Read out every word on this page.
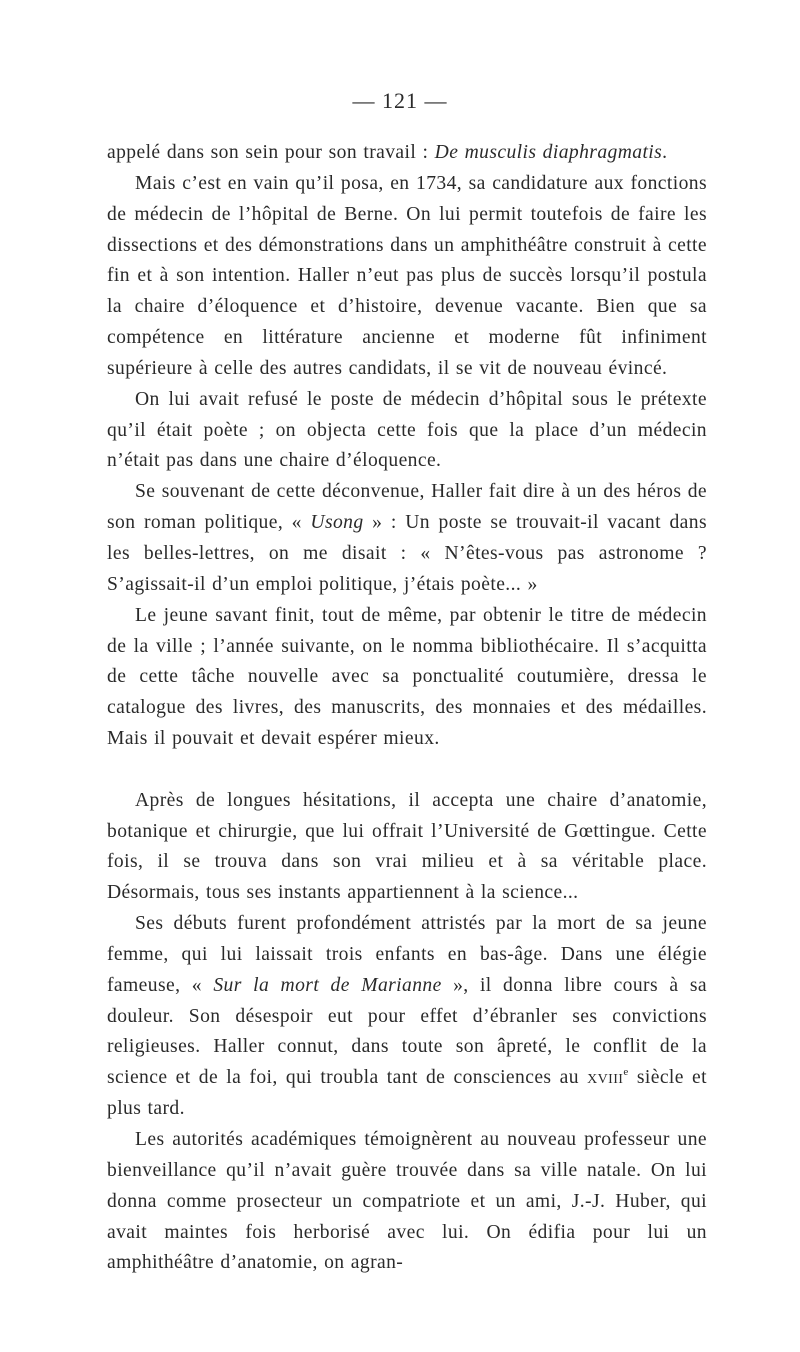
— 121 —

appelé dans son sein pour son travail : De musculis diaphragmatis.

Mais c’est en vain qu’il posa, en 1734, sa candidature aux fonctions de médecin de l’hôpital de Berne. On lui permit toutefois de faire les dissections et des démonstrations dans un amphithéâtre construit à cette fin et à son intention. Haller n’eut pas plus de succès lorsqu’il postula la chaire d’éloquence et d’histoire, devenue vacante. Bien que sa compétence en littérature ancienne et moderne fût infiniment supérieure à celle des autres candidats, il se vit de nouveau évincé.

On lui avait refusé le poste de médecin d’hôpital sous le prétexte qu’il était poète ; on objecta cette fois que la place d’un médecin n’était pas dans une chaire d’éloquence.

Se souvenant de cette déconvenue, Haller fait dire à un des héros de son roman politique, « Usong » : Un poste se trouvait-il vacant dans les belles-lettres, on me disait : « N’êtes-vous pas astronome ? S’agissait-il d’un emploi politique, j’étais poète... »

Le jeune savant finit, tout de même, par obtenir le titre de médecin de la ville ; l’année suivante, on le nomma bibliothécaire. Il s’acquitta de cette tâche nouvelle avec sa ponctualité coutumière, dressa le catalogue des livres, des manuscrits, des monnaies et des médailles. Mais il pouvait et devait espérer mieux.

Après de longues hésitations, il accepta une chaire d’anatomie, botanique et chirurgie, que lui offrait l’Université de Gœttingue. Cette fois, il se trouva dans son vrai milieu et à sa véritable place. Désormais, tous ses instants appartiennent à la science...

Ses débuts furent profondément attristés par la mort de sa jeune femme, qui lui laissait trois enfants en bas-âge. Dans une élégie fameuse, « Sur la mort de Marianne », il donna libre cours à sa douleur. Son désespoir eut pour effet d’ébranler ses convictions religieuses. Haller connut, dans toute son âpreté, le conflit de la science et de la foi, qui troubla tant de consciences au xviii$^e$ siècle et plus tard.

Les autorités académiques témoignèrent au nouveau professeur une bienveillance qu’il n’avait guère trouvée dans sa ville natale. On lui donna comme prosecteur un compatriote et un ami, J.-J. Huber, qui avait maintes fois herborisé avec lui. On édifia pour lui un amphithéâtre d’anatomie, on agran-
